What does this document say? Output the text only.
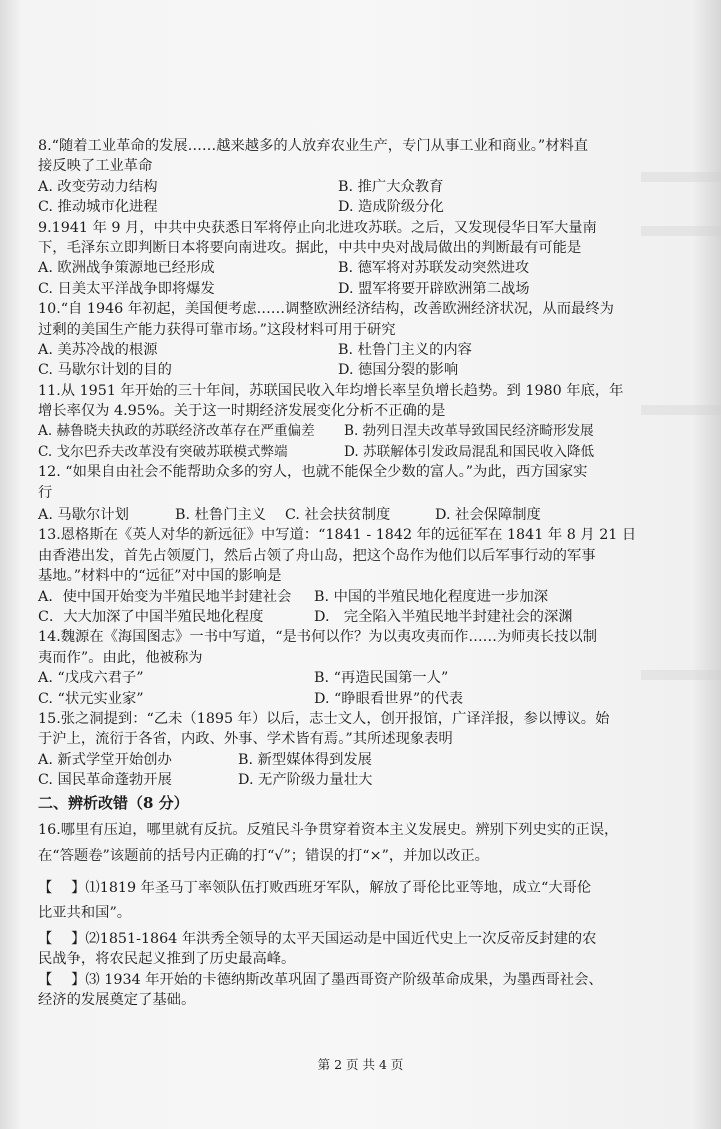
8.“随着工业革命的发展……越来越多的人放弃农业生产，专门从事工业和商业。”材料直
接反映了工业革命
A. 改变劳动力结构	B. 推广大众教育
C. 推动城市化进程	D. 造成阶级分化
9.1941 年 9 月，中共中央获悉日军将停止向北进攻苏联。之后，又发现侵华日军大量南
下，毛泽东立即判断日本将要向南进攻。据此，中共中央对战局做出的判断最有可能是
A. 欧洲战争策源地已经形成	B. 德军将对苏联发动突然进攻
C. 日美太平洋战争即将爆发	D. 盟军将要开辟欧洲第二战场
10.“自 1946 年初起，美国便考虑……调整欧洲经济结构，改善欧洲经济状况，从而最终为
过剩的美国生产能力获得可靠市场。”这段材料可用于研究
A. 美苏冷战的根源	B. 杜鲁门主义的内容
C. 马歇尔计划的目的	D. 德国分裂的影响
11.从 1951 年开始的三十年间，苏联国民收入年均增长率呈负增长趋势。到 1980 年底，年
增长率仅为 4.95%。关于这一时期经济发展变化分析不正确的是
A. 赫鲁晓夫执政的苏联经济改革存在严重偏差	B. 勃列日涅夫改革导致国民经济畸形发展
C. 戈尔巴乔夫改革没有突破苏联模式弊端	D. 苏联解体引发政局混乱和国民收入降低
12. “如果自由社会不能帮助众多的穷人，也就不能保全少数的富人。”为此，西方国家实
行
A. 马歇尔计划	B. 杜鲁门主义	C. 社会扶贫制度	D. 社会保障制度
13.恩格斯在《英人对华的新远征》中写道：“1841 - 1842 年的远征军在 1841 年 8 月 21 日
由香港出发，首先占领厦门，然后占领了舟山岛，把这个岛作为他们以后军事行动的军事
基地。”材料中的“远征”对中国的影响是
A．使中国开始变为半殖民地半封建社会	B. 中国的半殖民地化程度进一步加深
C．大大加深了中国半殖民地化程度	D.　完全陷入半殖民地半封建社会的深渊
14.魏源在《海国图志》一书中写道，“是书何以作？为以夷攻夷而作……为师夷长技以制
夷而作”。由此，他被称为
A. “戊戌六君子”	B. “再造民国第一人”
C. “状元实业家”	D. “睁眼看世界”的代表
15.张之洞提到：“乙未（1895 年）以后，志士文人，创开报馆，广译洋报，参以博议。始
于沪上，流衍于各省，内政、外事、学术皆有焉。”其所述现象表明
A. 新式学堂开始创办	B. 新型媒体得到发展
C. 国民革命蓬勃开展	D. 无产阶级力量壮大
二、辨析改错（8 分）
16.哪里有压迫，哪里就有反抗。反殖民斗争贯穿着资本主义发展史。辨别下列史实的正误，
在“答题卷”该题前的括号内正确的打“√”；错误的打“×”，并加以改正。
【　 】⑴1819 年圣马丁率领队伍打败西班牙军队，解放了哥伦比亚等地，成立“大哥伦
比亚共和国”。
【　 】⑵1851-1864 年洪秀全领导的太平天国运动是中国近代史上一次反帝反封建的农
民战争，将农民起义推到了历史最高峰。
【　 】⑶ 1934 年开始的卡德纳斯改革巩固了墨西哥资产阶级革命成果，为墨西哥社会、
经济的发展奠定了基础。
第 2 页 共 4 页
